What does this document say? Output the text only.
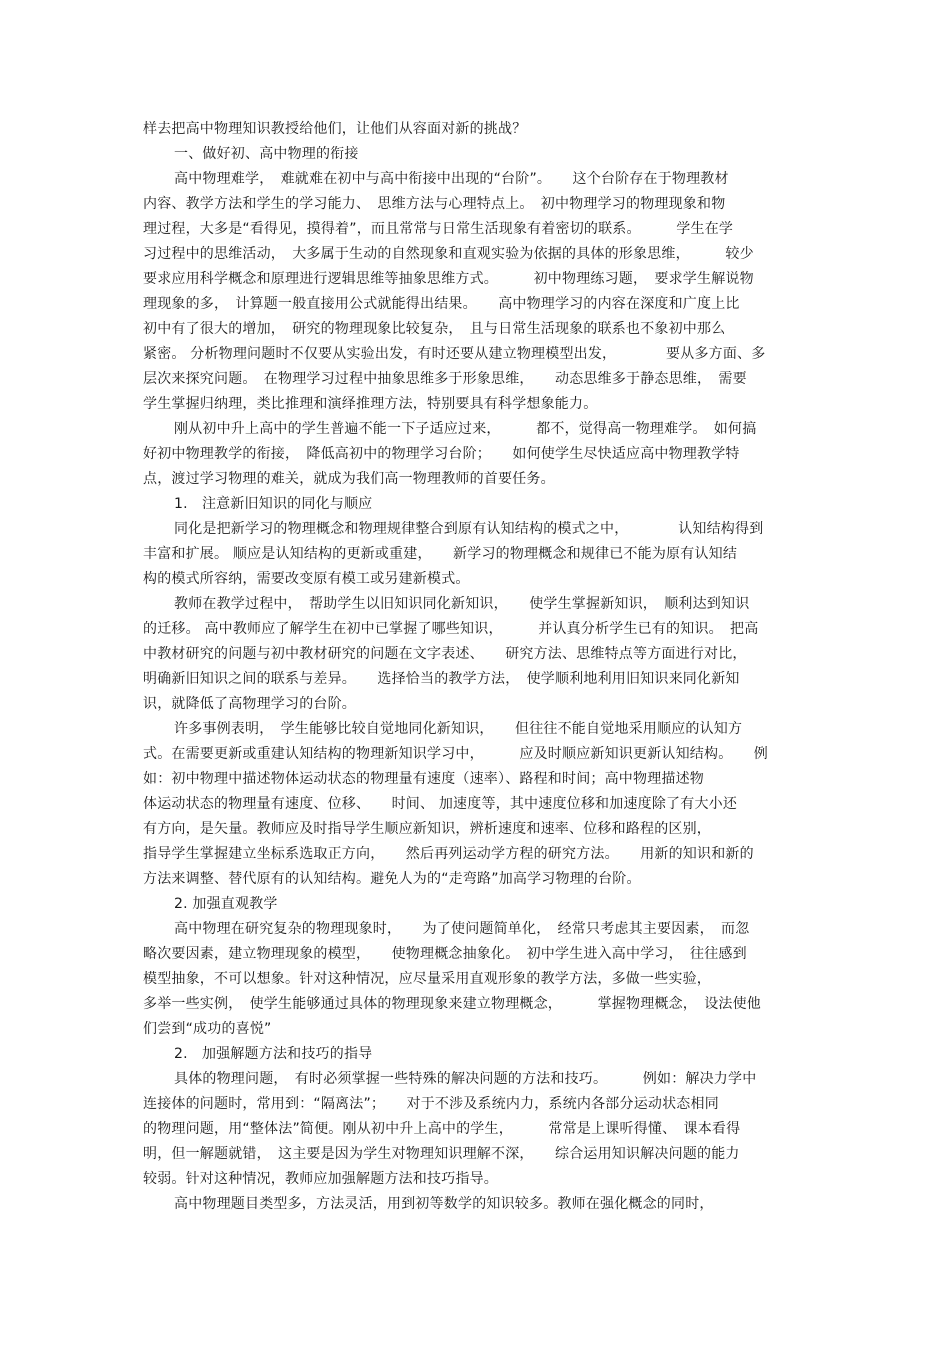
样去把高中物理知识教授给他们，让他们从容面对新的挑战？
一、做好初、高中物理的衔接
高中物理难学，　难就难在初中与高中衔接中出现的“台阶”。　　这个台阶存在于物理教材
内容、教学方法和学生的学习能力、　思维方法与心理特点上。　初中物理学习的物理现象和物
理过程，大多是“看得见，摸得着”，而且常常与日常生活现象有着密切的联系。　　　学生在学
习过程中的思维活动，　大多属于生动的自然现象和直观实验为依据的具体的形象思维，　　　较少
要求应用科学概念和原理进行逻辑思维等抽象思维方式。　　　初中物理练习题，　要求学生解说物
理现象的多，　计算题一般直接用公式就能得出结果。　　高中物理学习的内容在深度和广度上比
初中有了很大的增加，　研究的物理现象比较复杂，　且与日常生活现象的联系也不象初中那么
紧密。 分析物理问题时不仅要从实验出发，有时还要从建立物理模型出发，　　　　要从多方面、多
层次来探究问题。　在物理学习过程中抽象思维多于形象思维，　　动态思维多于静态思维，　需要
学生掌握归纳理，类比推理和演绎推理方法，特别要具有科学想象能力。
刚从初中升上高中的学生普遍不能一下子适应过来，　　　都不，觉得高一物理难学。　如何搞
好初中物理教学的衔接，　降低高初中的物理学习台阶；　　如何使学生尽快适应高中物理教学特
点，渡过学习物理的难关，就成为我们高一物理教师的首要任务。
1.　注意新旧知识的同化与顺应
同化是把新学习的物理概念和物理规律整合到原有认知结构的模式之中，　　　　认知结构得到
丰富和扩展。 顺应是认知结构的更新或重建，　　新学习的物理概念和规律已不能为原有认知结
构的模式所容纳，需要改变原有模工或另建新模式。
教师在教学过程中，　帮助学生以旧知识同化新知识，　　使学生掌握新知识，　顺利达到知识
的迁移。 高中教师应了解学生在初中已掌握了哪些知识，　　　并认真分析学生已有的知识。　把高
中教材研究的问题与初中教材研究的问题在文字表述、　　研究方法、思维特点等方面进行对比，
明确新旧知识之间的联系与差异。　　选择恰当的教学方法，　使学顺利地利用旧知识来同化新知
识，就降低了高物理学习的台阶。
许多事例表明，　学生能够比较自觉地同化新知识，　　但往往不能自觉地采用顺应的认知方
式。在需要更新或重建认知结构的物理新知识学习中，　　　应及时顺应新知识更新认知结构。　　例
如：初中物理中描述物体运动状态的物理量有速度（速率）、路程和时间；高中物理描述物
体运动状态的物理量有速度、位移、　　时间、 加速度等，其中速度位移和加速度除了有大小还
有方向，是矢量。教师应及时指导学生顺应新知识，辨析速度和速率、位移和路程的区别，
指导学生掌握建立坐标系选取正方向，　　然后再列运动学方程的研究方法。　　用新的知识和新的
方法来调整、替代原有的认知结构。避免人为的“走弯路”加高学习物理的台阶。
2. 加强直观教学
高中物理在研究复杂的物理现象时，　　为了使问题简单化，　经常只考虑其主要因素，　而忽
略次要因素，建立物理现象的模型，　　使物理概念抽象化。　初中学生进入高中学习，　往往感到
模型抽象，不可以想象。针对这种情况，应尽量采用直观形象的教学方法，多做一些实验，
多举一些实例，　使学生能够通过具体的物理现象来建立物理概念，　　　掌握物理概念，　设法使他
们尝到“成功的喜悦”
2.　加强解题方法和技巧的指导
具体的物理问题，　有时必须掌握一些特殊的解决问题的方法和技巧。　　　例如：解决力学中
连接体的问题时，常用到：“隔离法”；　　对于不涉及系统内力，系统内各部分运动状态相同
的物理问题，用“整体法”简便。刚从初中升上高中的学生，　　　常常是上课听得懂、　课本看得
明，但一解题就错，　这主要是因为学生对物理知识理解不深，　　综合运用知识解决问题的能力
较弱。针对这种情况，教师应加强解题方法和技巧指导。
高中物理题目类型多，方法灵活，用到初等数学的知识较多。教师在强化概念的同时，
